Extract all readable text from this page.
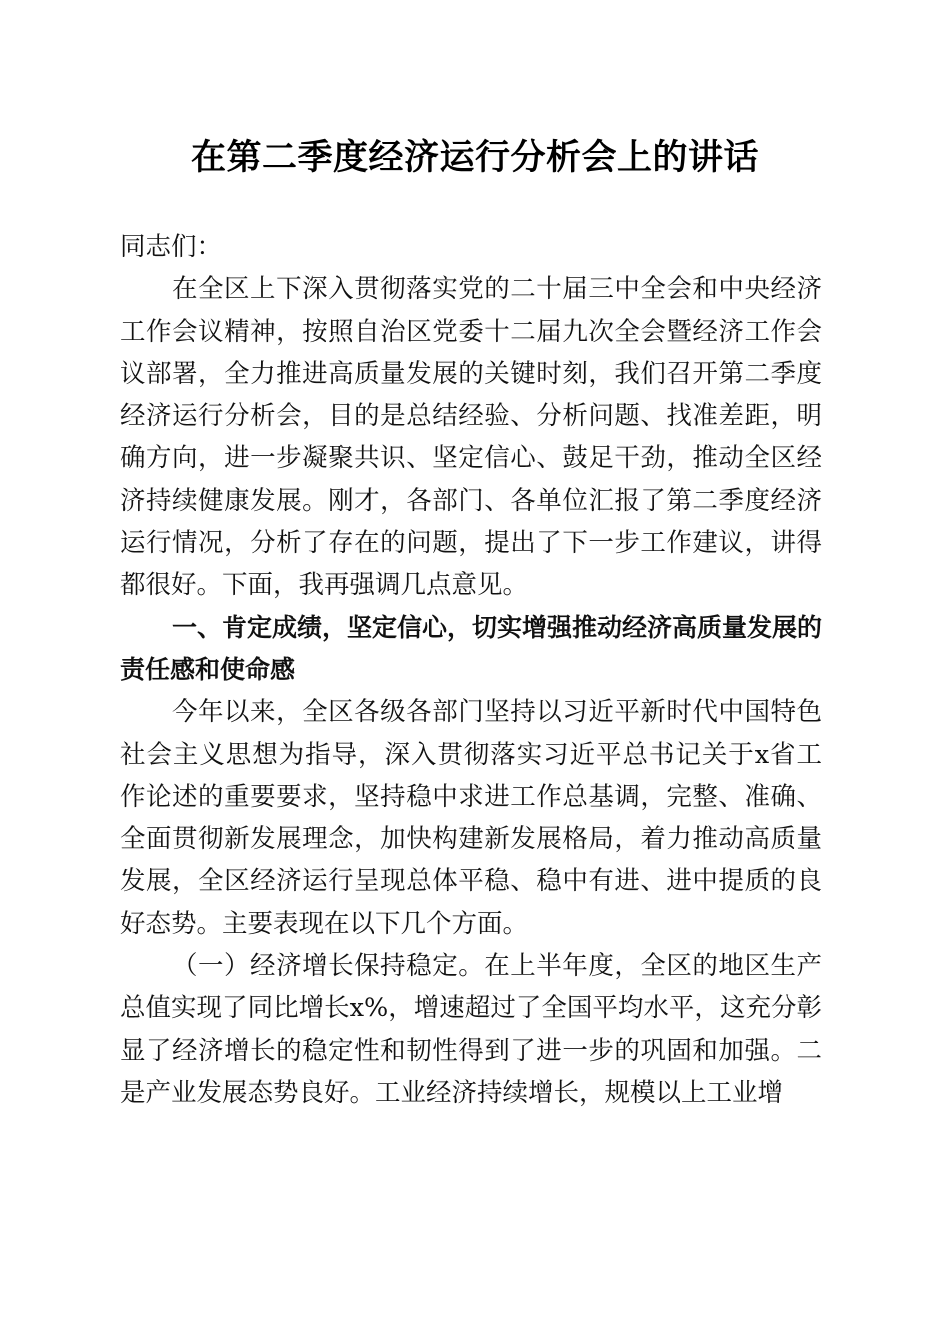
在第二季度经济运行分析会上的讲话

同志们：

在全区上下深入贯彻落实党的二十届三中全会和中央经济工作会议精神，按照自治区党委十二届九次全会暨经济工作会议部署，全力推进高质量发展的关键时刻，我们召开第二季度经济运行分析会，目的是总结经验、分析问题、找准差距，明确方向，进一步凝聚共识、坚定信心、鼓足干劲，推动全区经济持续健康发展。刚才，各部门、各单位汇报了第二季度经济运行情况，分析了存在的问题，提出了下一步工作建议，讲得都很好。下面，我再强调几点意见。

一、肯定成绩，坚定信心，切实增强推动经济高质量发展的责任感和使命感

今年以来，全区各级各部门坚持以习近平新时代中国特色社会主义思想为指导，深入贯彻落实习近平总书记关于x省工作论述的重要要求，坚持稳中求进工作总基调，完整、准确、全面贯彻新发展理念，加快构建新发展格局，着力推动高质量发展，全区经济运行呈现总体平稳、稳中有进、进中提质的良好态势。主要表现在以下几个方面。

（一）经济增长保持稳定。在上半年度，全区的地区生产总值实现了同比增长x%，增速超过了全国平均水平，这充分彰显了经济增长的稳定性和韧性得到了进一步的巩固和加强。二是产业发展态势良好。工业经济持续增长，规模以上工业增
